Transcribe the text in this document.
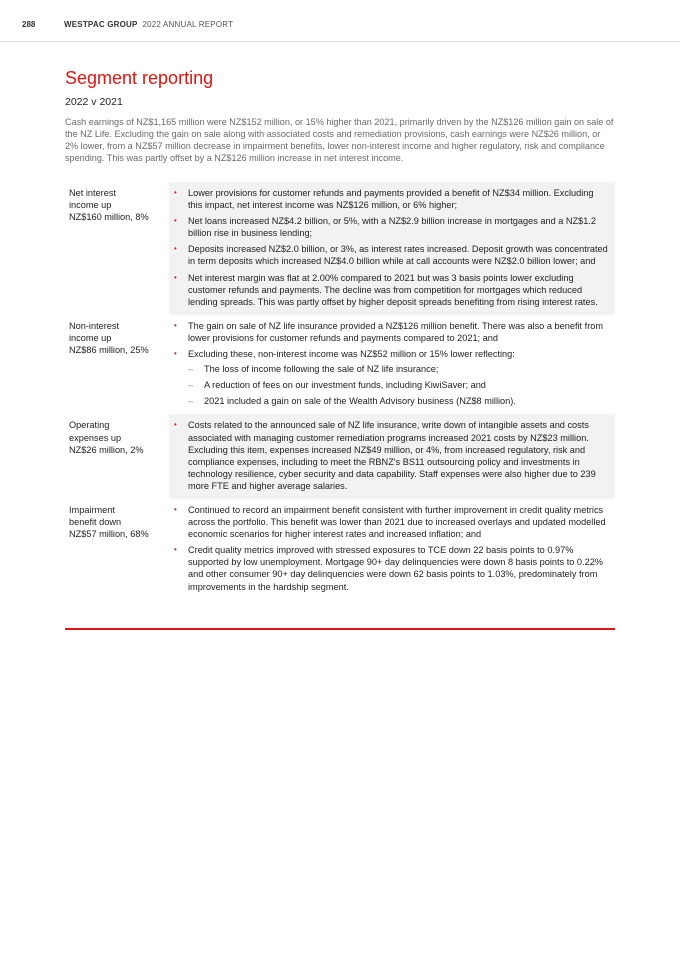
288	WESTPAC GROUP 2022 ANNUAL REPORT
Segment reporting
2022 v 2021

Cash earnings of NZ$1,165 million were NZ$152 million, or 15% higher than 2021, primarily driven by the NZ$126 million gain on sale of the NZ Life. Excluding the gain on sale along with associated costs and remediation provisions, cash earnings were NZ$26 million, or 2% lower, from a NZ$57 million decrease in impairment benefits, lower non-interest income and higher regulatory, risk and compliance spending. This was partly offset by a NZ$126 million increase in net interest income.

Net interest
income up
NZ$160 million, 8%
• Lower provisions for customer refunds and payments provided a benefit of NZ$34 million. Excluding this impact, net interest income was NZ$126 million, or 6% higher;
• Net loans increased NZ$4.2 billion, or 5%, with a NZ$2.9 billion increase in mortgages and a NZ$1.2 billion rise in business lending;
• Deposits increased NZ$2.0 billion, or 3%, as interest rates increased. Deposit growth was concentrated in term deposits which increased NZ$4.0 billion while at call accounts were NZ$2.0 billion lower; and
• Net interest margin was flat at 2.00% compared to 2021 but was 3 basis points lower excluding customer refunds and payments. The decline was from competition for mortgages which reduced lending spreads. This was partly offset by higher deposit spreads benefiting from rising interest rates.
Non-interest
income up
NZ$86 million, 25%
• The gain on sale of NZ life insurance provided a NZ$126 million benefit. There was also a benefit from lower provisions for customer refunds and payments compared to 2021; and
• Excluding these, non-interest income was NZ$52 million or 15% lower reflecting:
– The loss of income following the sale of NZ life insurance;
– A reduction of fees on our investment funds, including KiwiSaver; and
– 2021 included a gain on sale of the Wealth Advisory business (NZ$8 million).
Operating
expenses up
NZ$26 million, 2%
• Costs related to the announced sale of NZ life insurance, write down of intangible assets and costs associated with managing customer remediation programs increased 2021 costs by NZ$23 million. Excluding this item, expenses increased NZ$49 million, or 4%, from increased regulatory, risk and compliance expenses, including to meet the RBNZ's BS11 outsourcing policy and investments in technology resilience, cyber security and data capability. Staff expenses were also higher due to 239 more FTE and higher average salaries.
Impairment
benefit down
NZ$57 million, 68%
• Continued to record an impairment benefit consistent with further improvement in credit quality metrics across the portfolio. This benefit was lower than 2021 due to increased overlays and updated modelled economic scenarios for higher interest rates and increased inflation; and
• Credit quality metrics improved with stressed exposures to TCE down 22 basis points to 0.97% supported by low unemployment. Mortgage 90+ day delinquencies were down 8 basis points to 0.22% and other consumer 90+ day delinquencies were down 62 basis points to 1.03%, predominately from improvements in the hardship segment.
